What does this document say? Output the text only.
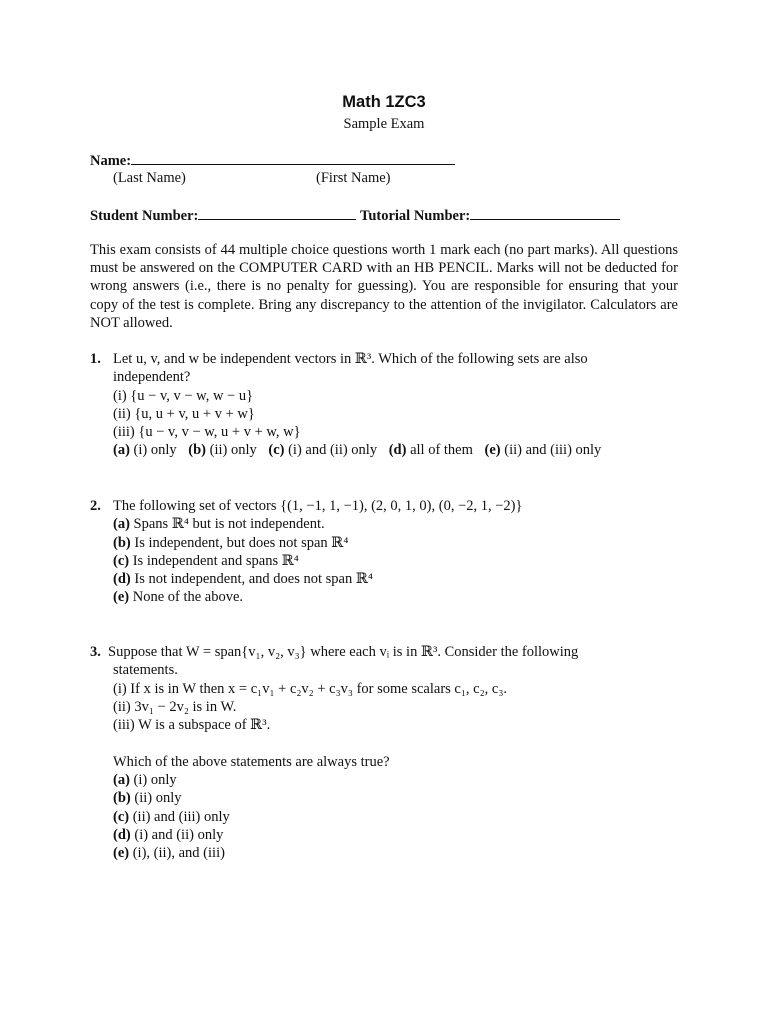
Math 1ZC3
Sample Exam
Name:
(Last Name)	(First Name)
Student Number:	Tutorial Number:
This exam consists of 44 multiple choice questions worth 1 mark each (no part marks). All questions must be answered on the COMPUTER CARD with an HB PENCIL. Marks will not be deducted for wrong answers (i.e., there is no penalty for guessing). You are responsible for ensuring that your copy of the test is complete. Bring any discrepancy to the attention of the invigilator. Calculators are NOT allowed.
1. Let u, v, and w be independent vectors in ℝ³. Which of the following sets are also
independent?
(i) {u − v, v − w, w − u}
(ii) {u, u + v, u + v + w}
(iii) {u − v, v − w, u + v + w, w}
(a) (i) only (b) (ii) only (c) (i) and (ii) only (d) all of them (e) (ii) and (iii) only
2. The following set of vectors {(1, −1, 1, −1), (2, 0, 1, 0), (0, −2, 1, −2)}
(a) Spans ℝ⁴ but is not independent.
(b) Is independent, but does not span ℝ⁴
(c) Is independent and spans ℝ⁴
(d) Is not independent, and does not span ℝ⁴
(e) None of the above.
3. Suppose that W = span{v₁, v₂, v₃} where each vᵢ is in ℝ³. Consider the following
statements.
(i) If x is in W then x = c₁v₁ + c₂v₂ + c₃v₃ for some scalars c₁, c₂, c₃.
(ii) 3v₁ − 2v₂ is in W.
(iii) W is a subspace of ℝ³.
Which of the above statements are always true?
(a) (i) only
(b) (ii) only
(c) (ii) and (iii) only
(d) (i) and (ii) only
(e) (i), (ii), and (iii)
